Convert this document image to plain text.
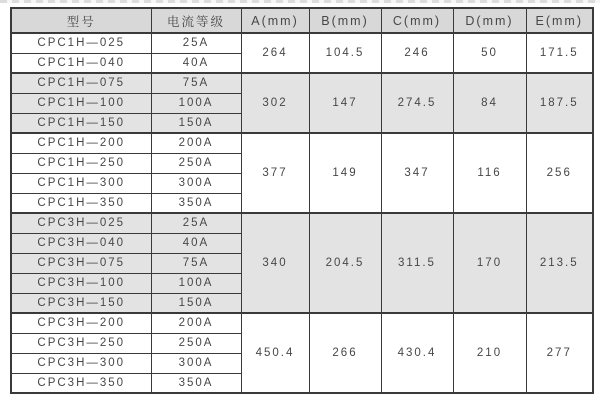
型号	电流等级	A(mm)	B(mm)	C(mm)	D(mm)	E(mm)
CPC1H—025	25A	264	104.5	246	50	171.5
CPC1H—040	40A					
CPC1H—075	75A	302	147	274.5	84	187.5
CPC1H—100	100A					
CPC1H—150	150A					
CPC1H—200	200A	377	149	347	116	256
CPC1H—250	250A					
CPC1H—300	300A					
CPC1H—350	350A					
CPC3H—025	25A	340	204.5	311.5	170	213.5
CPC3H—040	40A					
CPC3H—075	75A					
CPC3H—100	100A					
CPC3H—150	150A					
CPC3H—200	200A	450.4	266	430.4	210	277
CPC3H—250	250A					
CPC3H—300	300A					
CPC3H—350	350A					
